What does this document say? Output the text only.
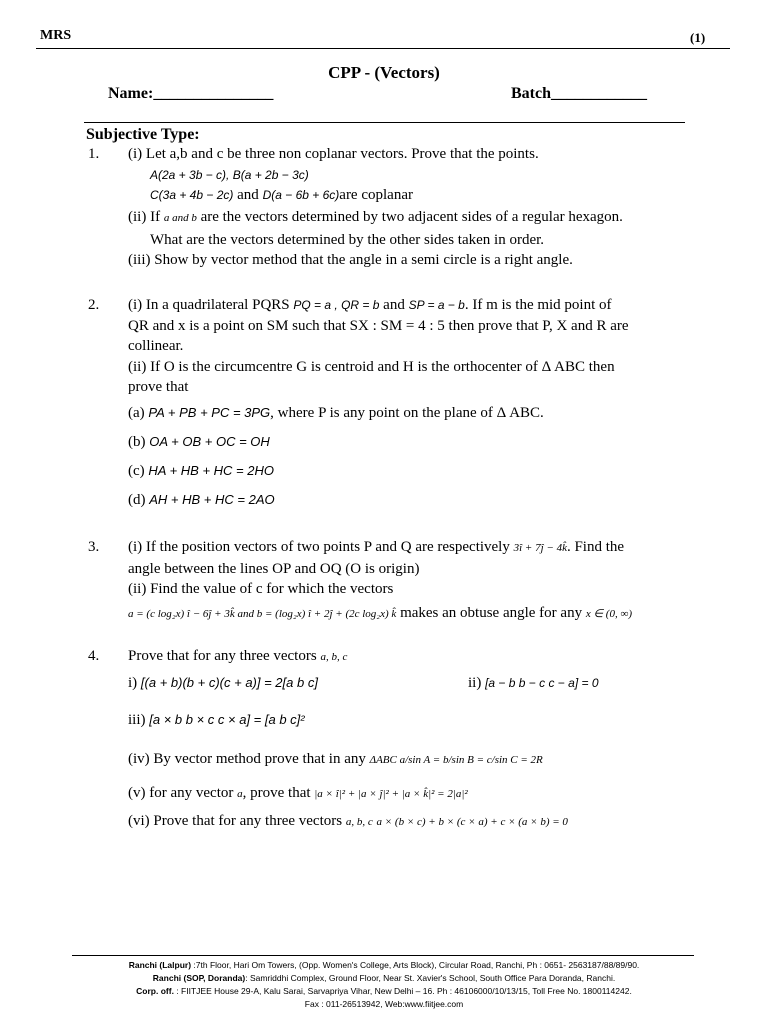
MRS	(1)
CPP - (Vectors)
Name:_______________	Batch____________
Subjective Type:
1. (i) Let a,b and c be three non coplanar vectors. Prove that the points.
A(2a + 3b − c), B(a + 2b − 3c)
C(3a + 4b − 2c) and D(a − 6b + 6c)are coplanar
(ii) If a and b are the vectors determined by two adjacent sides of a regular hexagon.
What are the vectors determined by the other sides taken in order.
(iii) Show by vector method that the angle in a semi circle is a right angle.
2. (i) In a quadrilateral PQRS PQ = a , QR = b and SP = a − b. If m is the mid point of
QR and x is a point on SM such that SX : SM = 4 : 5 then prove that P, X and R are
collinear.
(ii) If O is the circumcentre G is centroid and H is the orthocenter of Δ ABC then
prove that
(a) PA + PB + PC = 3PG, where P is any point on the plane of Δ ABC.
(b) OA + OB + OC = OH
(c) HA + HB + HC = 2HO
(d) AH + HB + HC = 2AO
3. (i) If the position vectors of two points P and Q are respectively 3î + 7ĵ − 4k̂. Find the
angle between the lines OP and OQ (O is origin)
(ii) Find the value of c for which the vectors
a = (c log₂x) î − 6ĵ + 3k̂ and b = (log₂x) î + 2ĵ + (2c log₂x) k̂ makes an obtuse angle for any x ∈ (0, ∞)
4. Prove that for any three vectors a, b, c
i) [(a + b)(b + c)(c + a)] = 2[a b c]	ii) [a − b b − c c − a] = 0
iii) [a × b b × c c × a] = [a b c]²
(iv) By vector method prove that in any ΔABC a/sin A = b/sin B = c/sin C = 2R
(v) for any vector a, prove that |a × î|² + |a × ĵ|² + |a × k̂|² = 2|a|²
(vi) Prove that for any three vectors a, b, c a × (b × c) + b × (c × a) + c × (a × b) = 0
Ranchi (Lalpur) :7th Floor, Hari Om Towers, (Opp. Women's College, Arts Block), Circular Road, Ranchi, Ph : 0651- 2563187/88/89/90.
Ranchi (SOP, Doranda): Samriddhi Complex, Ground Floor, Near St. Xavier's School, South Office Para Doranda, Ranchi.
Corp. off. : FIITJEE House 29-A, Kalu Sarai, Sarvapriya Vihar, New Delhi – 16. Ph : 46106000/10/13/15, Toll Free No. 1800114242.
Fax : 011-26513942, Web:www.fiitjee.com
